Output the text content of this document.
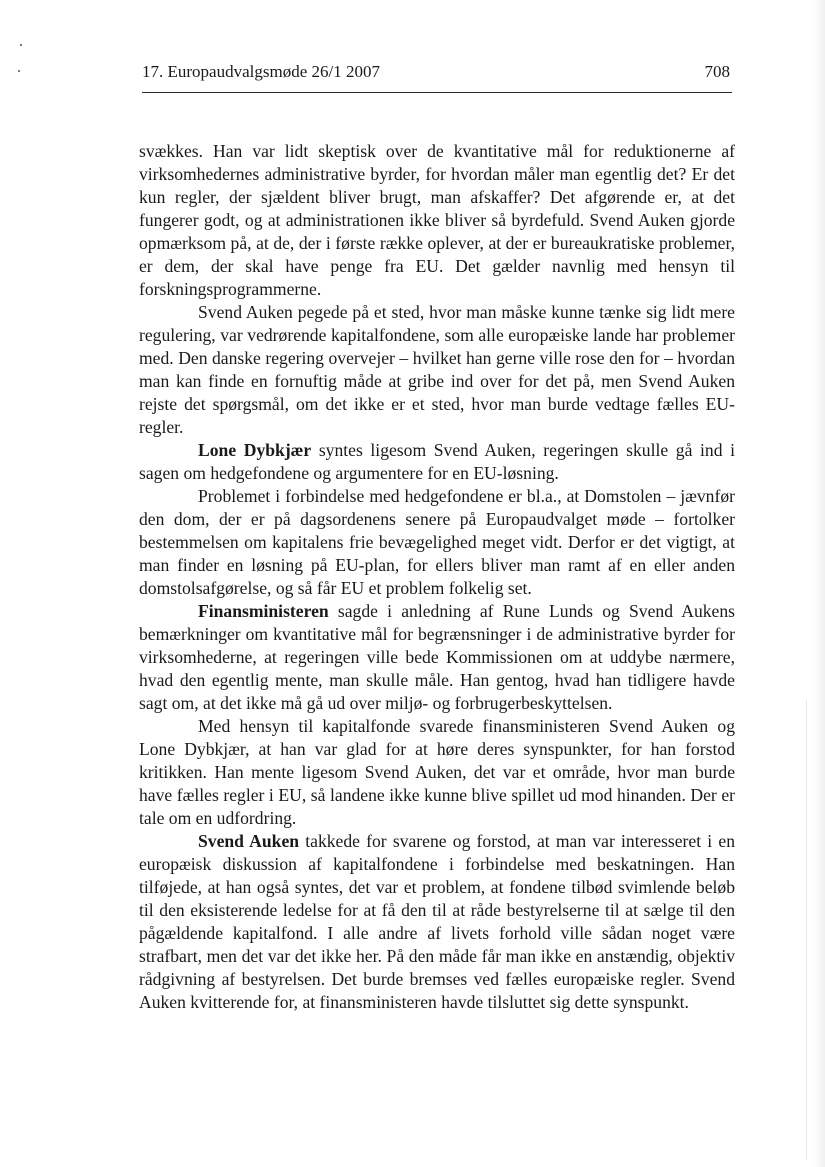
17. Europaudvalgsmøde 26/1 2007	708

svækkes. Han var lidt skeptisk over de kvantitative mål for reduktionerne af virksomhedernes administrative byrder, for hvordan måler man egentlig det? Er det kun regler, der sjældent bliver brugt, man afskaffer? Det afgørende er, at det fungerer godt, og at administrationen ikke bliver så byrdefuld. Svend Auken gjorde opmærksom på, at de, der i første række oplever, at der er bureaukratiske problemer, er dem, der skal have penge fra EU. Det gælder navnlig med hensyn til forskningsprogrammerne.

Svend Auken pegede på et sted, hvor man måske kunne tænke sig lidt mere regulering, var vedrørende kapitalfondene, som alle europæiske lande har problemer med. Den danske regering overvejer – hvilket han gerne ville rose den for – hvordan man kan finde en fornuftig måde at gribe ind over for det på, men Svend Auken rejste det spørgsmål, om det ikke er et sted, hvor man burde vedtage fælles EU-regler.

Lone Dybkjær syntes ligesom Svend Auken, regeringen skulle gå ind i sagen om hedgefondene og argumentere for en EU-løsning.

Problemet i forbindelse med hedgefondene er bl.a., at Domstolen – jævnfør den dom, der er på dagsordenens senere på Europaudvalget møde – fortolker bestemmelsen om kapitalens frie bevægelighed meget vidt. Derfor er det vigtigt, at man finder en løsning på EU-plan, for ellers bliver man ramt af en eller anden domstolsafgørelse, og så får EU et problem folkelig set.

Finansministeren sagde i anledning af Rune Lunds og Svend Aukens bemærkninger om kvantitative mål for begrænsninger i de administrative byrder for virksomhederne, at regeringen ville bede Kommissionen om at uddybe nærmere, hvad den egentlig mente, man skulle måle. Han gentog, hvad han tidligere havde sagt om, at det ikke må gå ud over miljø- og forbrugerbeskyttelsen.

Med hensyn til kapitalfonde svarede finansministeren Svend Auken og Lone Dybkjær, at han var glad for at høre deres synspunkter, for han forstod kritikken. Han mente ligesom Svend Auken, det var et område, hvor man burde have fælles regler i EU, så landene ikke kunne blive spillet ud mod hinanden. Der er tale om en udfordring.

Svend Auken takkede for svarene og forstod, at man var interesseret i en europæisk diskussion af kapitalfondene i forbindelse med beskatningen. Han tilføjede, at han også syntes, det var et problem, at fondene tilbød svimlende beløb til den eksisterende ledelse for at få den til at råde bestyrelserne til at sælge til den pågældende kapitalfond. I alle andre af livets forhold ville sådan noget være strafbart, men det var det ikke her. På den måde får man ikke en anstændig, objektiv rådgivning af bestyrelsen. Det burde bremses ved fælles europæiske regler. Svend Auken kvitterende for, at finansministeren havde tilsluttet sig dette synspunkt.
